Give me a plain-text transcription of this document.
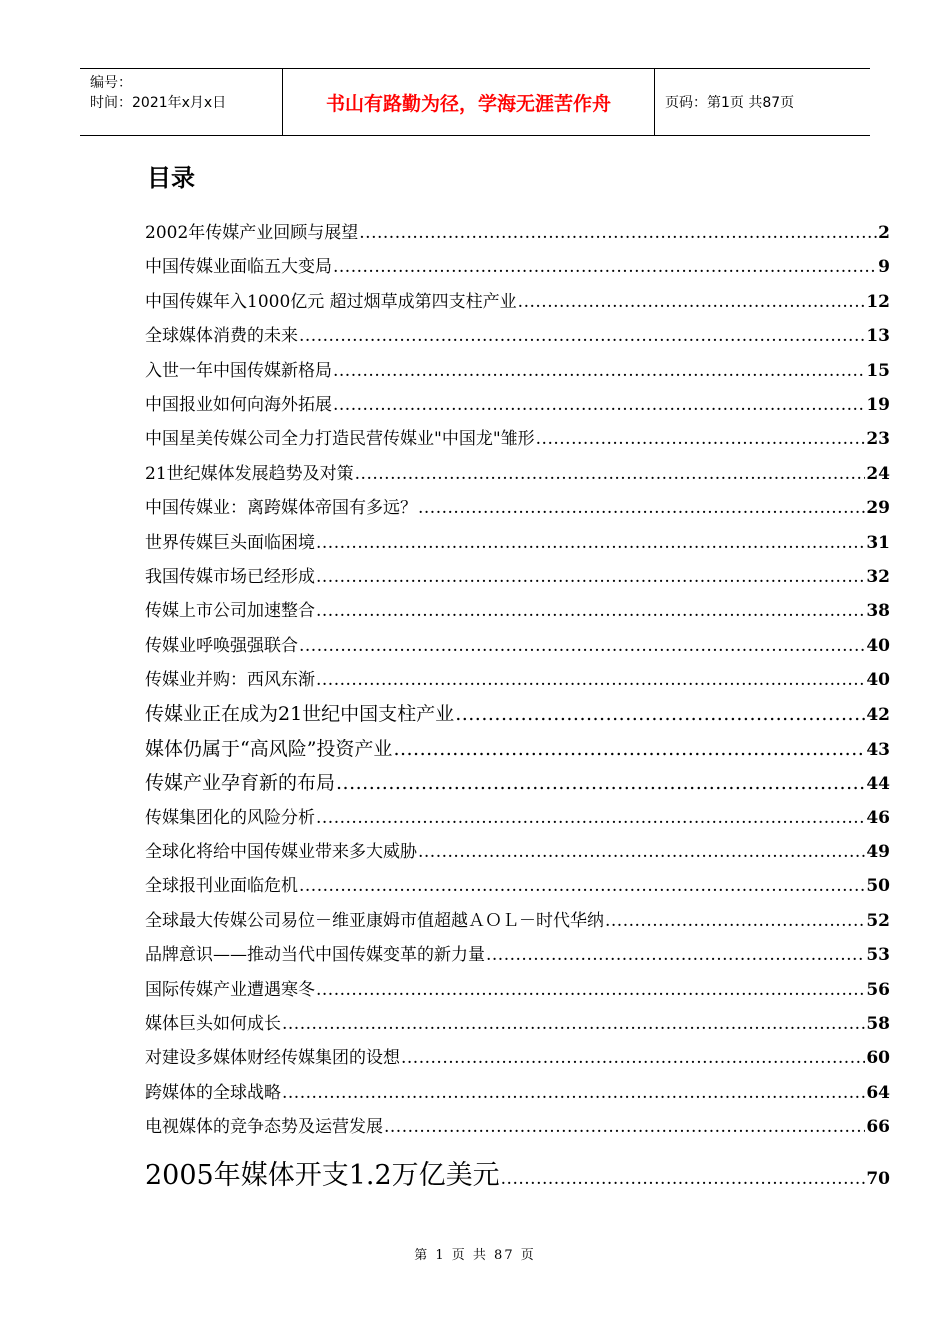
编号：
时间：2021年x月x日	书山有路勤为径，学海无涯苦作舟	页码：第1页 共87页
目录
2002年传媒产业回顾与展望 .....	2
中国传媒业面临五大变局 .....	9
中国传媒年入1000亿元 超过烟草成第四支柱产业 .....	12
全球媒体消费的未来 .....	13
入世一年中国传媒新格局 .....	15
中国报业如何向海外拓展 .....	19
中国星美传媒公司全力打造民营传媒业"中国龙"雏形 .....	23
21世纪媒体发展趋势及对策 .....	24
中国传媒业：离跨媒体帝国有多远？ .....	29
世界传媒巨头面临困境 .....	31
我国传媒市场已经形成 .....	32
传媒上市公司加速整合 .....	38
传媒业呼唤强强联合 .....	40
传媒业并购：西风东渐 .....	40
传媒业正在成为21世纪中国支柱产业 .....	42
媒体仍属于“高风险”投资产业 .....	43
传媒产业孕育新的布局 .....	44
传媒集团化的风险分析 .....	46
全球化将给中国传媒业带来多大威胁 .....	49
全球报刊业面临危机 .....	50
全球最大传媒公司易位－维亚康姆市值超越ＡＯＬ－时代华纳 .....	52
品牌意识——推动当代中国传媒变革的新力量 .....	53
国际传媒产业遭遇寒冬 .....	56
媒体巨头如何成长 .....	58
对建设多媒体财经传媒集团的设想 .....	60
跨媒体的全球战略 .....	64
电视媒体的竞争态势及运营发展 .....	66
2005年媒体开支1.2万亿美元 .....	70
第 1 页 共 87 页
